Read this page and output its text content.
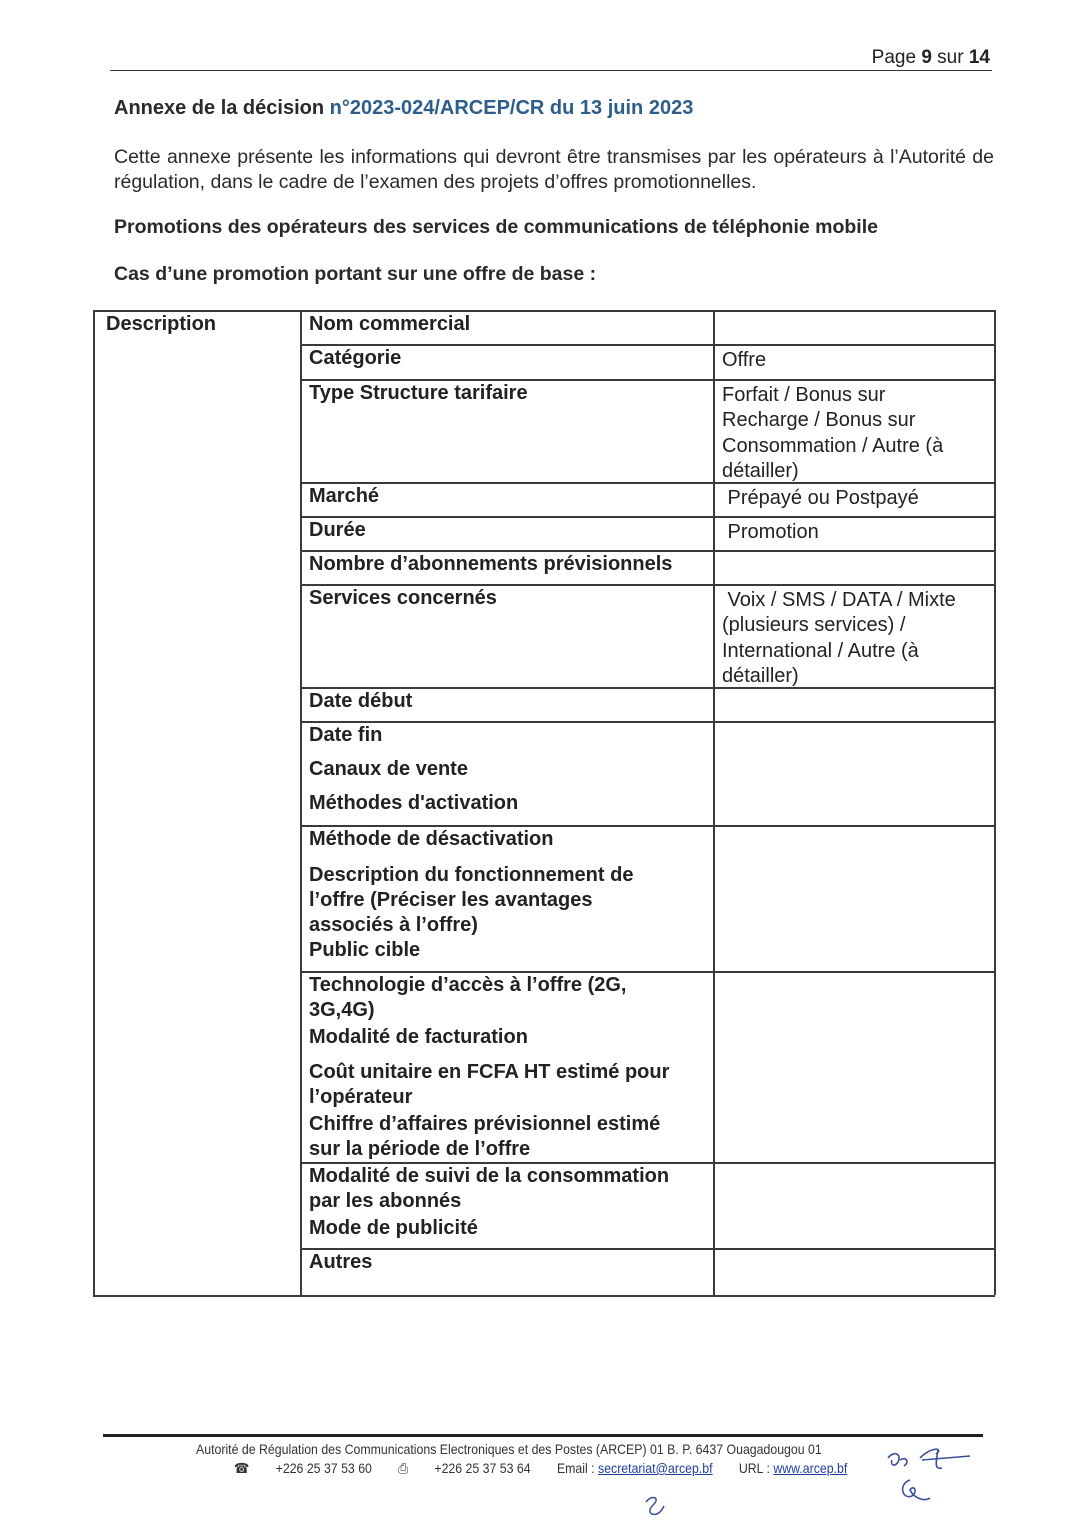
Page 9 sur 14
Annexe de la décision n°2023-024/ARCEP/CR du 13 juin 2023
Cette annexe présente les informations qui devront être transmises par les opérateurs à l’Autorité de régulation, dans le cadre de l’examen des projets d’offres promotionnelles.
Promotions des opérateurs des services de communications de téléphonie mobile
Cas d’une promotion portant sur une offre de base :
Description	Nom commercial
Catégorie	Offre
Type Structure tarifaire	Forfait / Bonus sur
Recharge / Bonus sur
Consommation / Autre (à
détailler)
Marché	Prépayé ou Postpayé
Durée	Promotion
Nombre d’abonnements prévisionnels
Services concernés	Voix / SMS / DATA / Mixte
(plusieurs services) /
International / Autre (à
détailler)
Date début
Date fin
Canaux de vente
Méthodes d'activation
Méthode de désactivation
Description du fonctionnement de
l’offre (Préciser les avantages
associés à l’offre)
Public cible
Technologie d’accès à l’offre (2G,
3G,4G)
Modalité de facturation
Coût unitaire en FCFA HT estimé pour
l’opérateur
Chiffre d’affaires prévisionnel estimé
sur la période de l’offre
Modalité de suivi de la consommation
par les abonnés
Mode de publicité
Autres
Autorité de Régulation des Communications Electroniques et des Postes (ARCEP) 01 B. P. 6437 Ouagadougou 01
☎ +226 25 37 53 60 ⎙ +226 25 37 53 64 Email : secretariat@arcep.bf URL : www.arcep.bf
